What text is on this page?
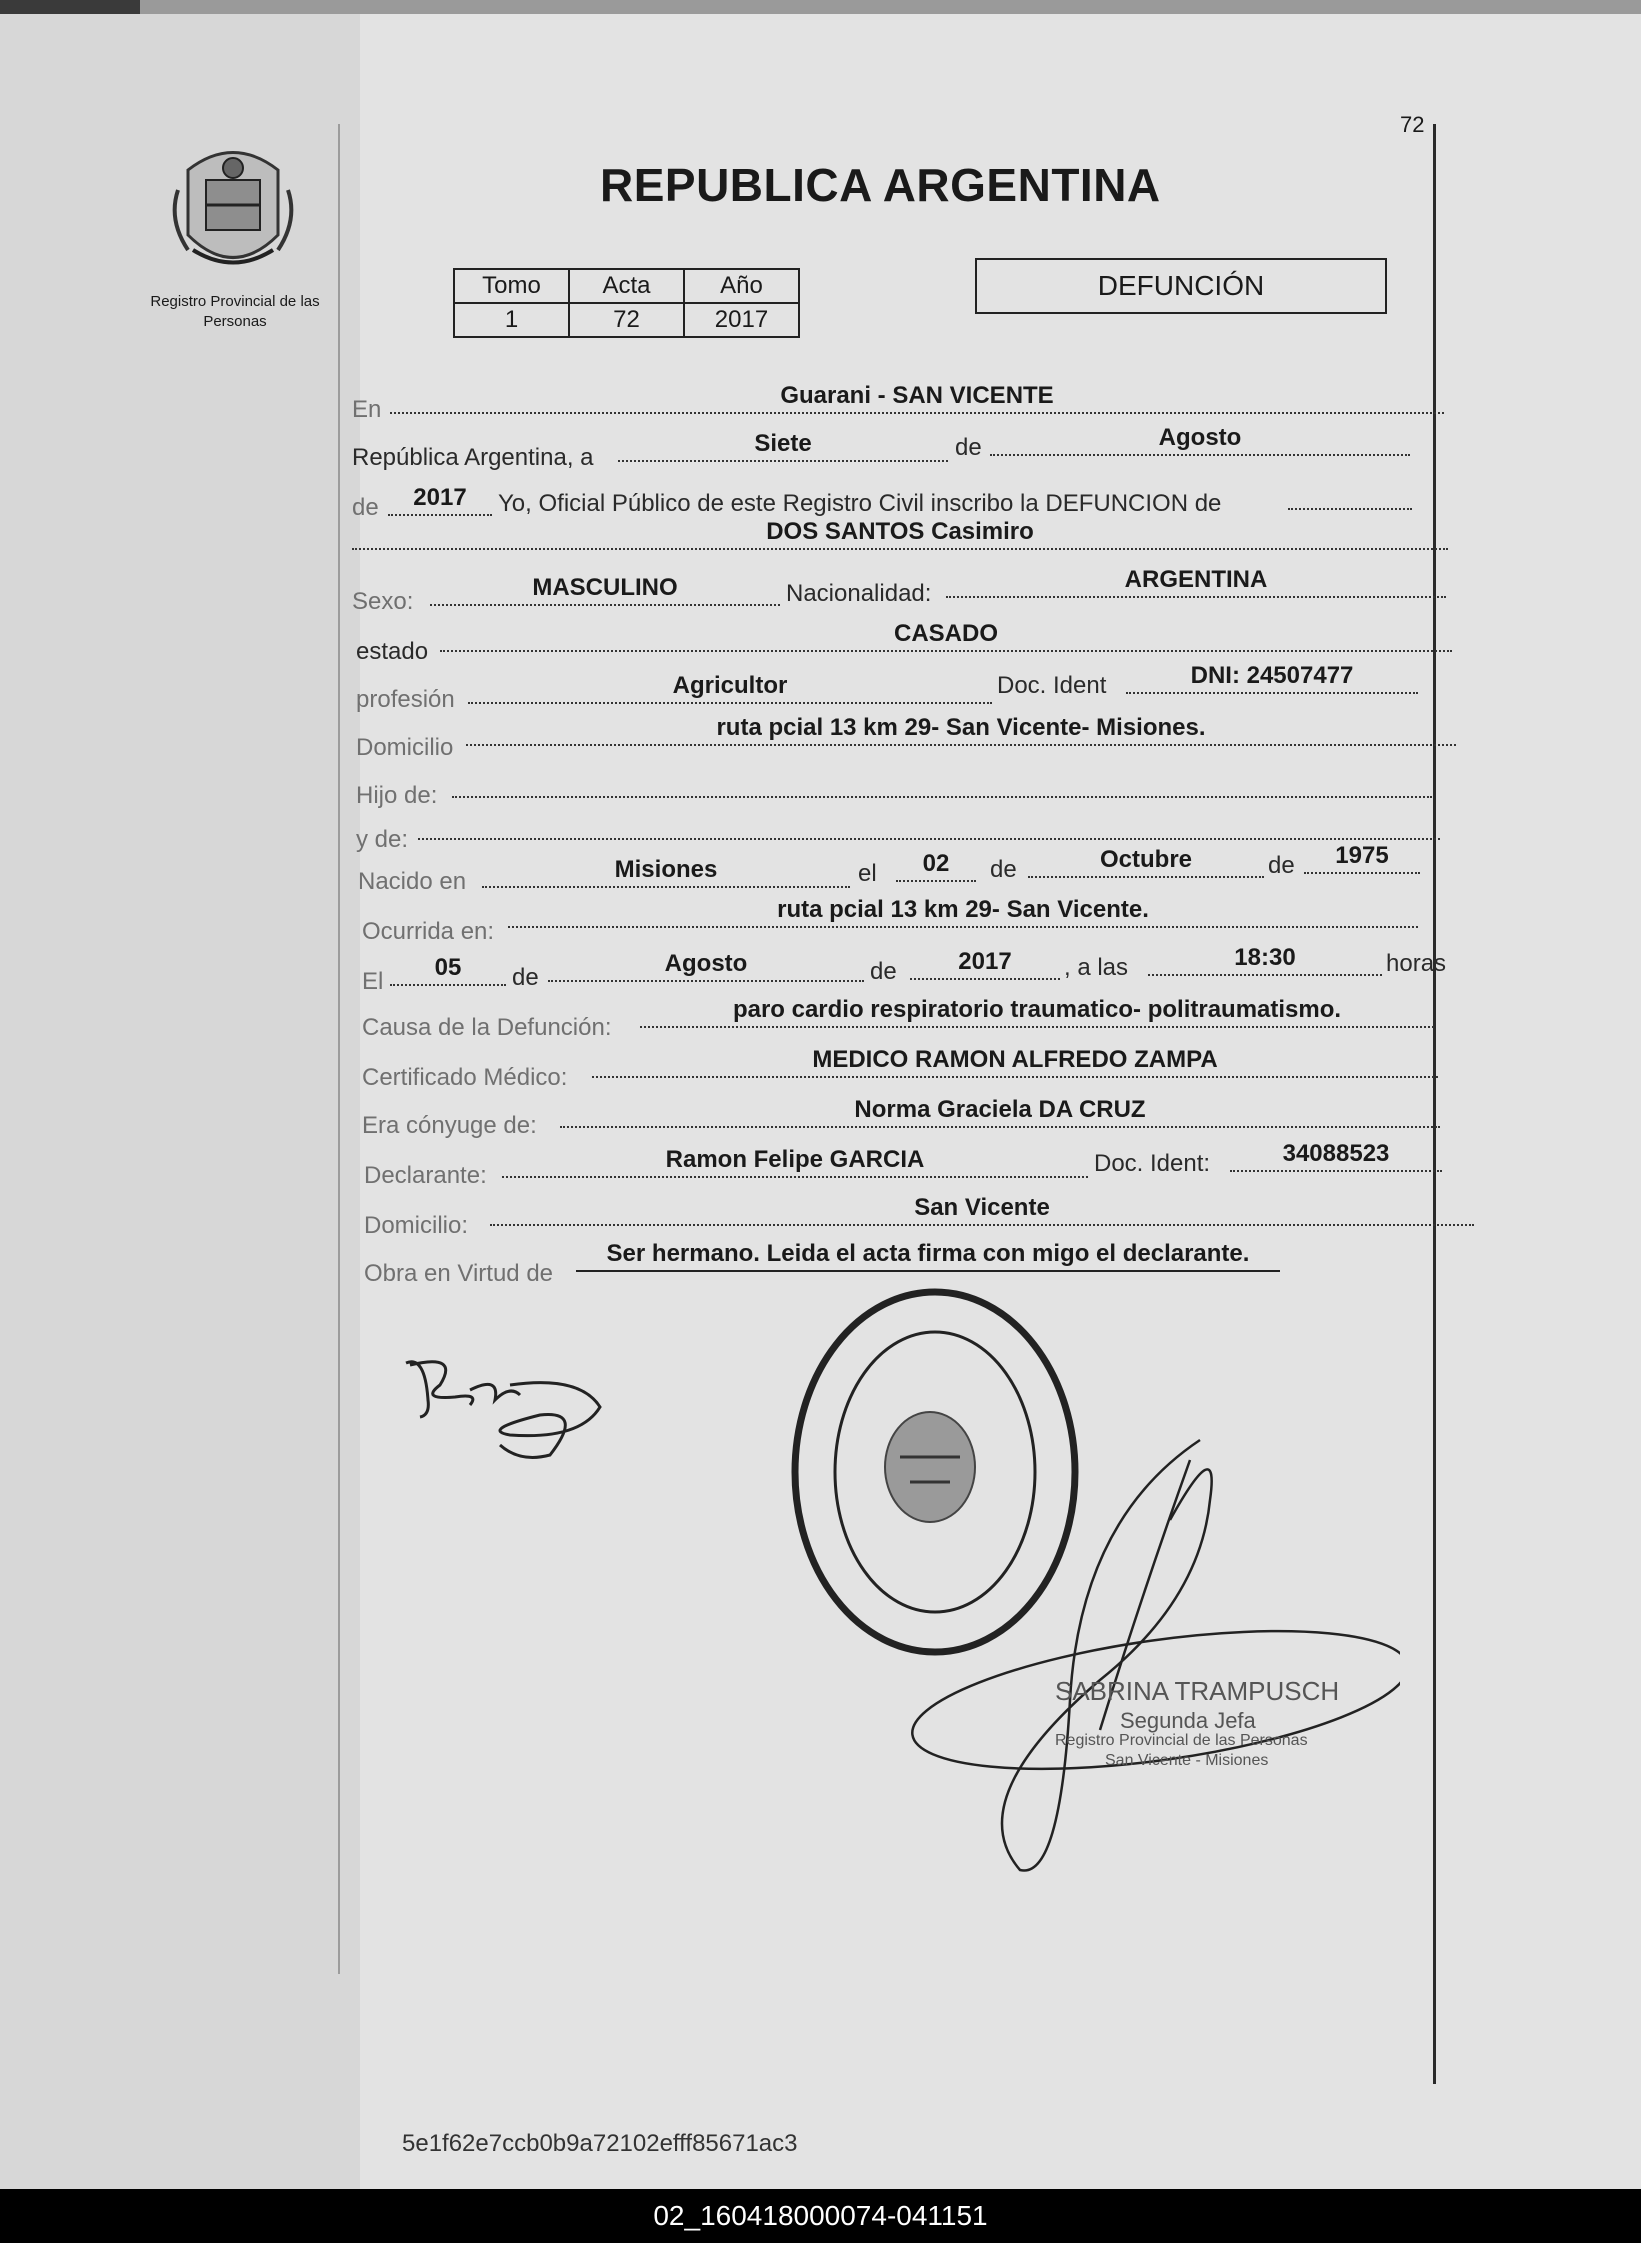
Registro Provincial de las Personas
72
REPUBLICA ARGENTINA
Tomo	Acta	Año
1	72	2017
DEFUNCIÓN
En
Guarani - SAN VICENTE
República Argentina, a
Siete	de	Agosto
de	2017	Yo, Oficial Público de este Registro Civil inscribo la DEFUNCION de
DOS SANTOS Casimiro
Sexo:
MASCULINO	Nacionalidad:
ARGENTINA
estado
CASADO
profesión
Agricultor	Doc. Ident	DNI: 24507477
Domicilio
ruta pcial 13 km 29- San Vicente- Misiones.
Hijo de:
y de:
Nacido en	Misiones	el	02	de	Octubre	de	1975
Ocurrida en:
ruta pcial 13 km 29- San Vicente.
El
05	de
Agosto	de	2017	, a las	18:30	horas
Causa de la Defunción:
paro cardio respiratorio traumatico- politraumatismo.
Certificado Médico:
MEDICO RAMON ALFREDO ZAMPA
Era cónyuge de:
Norma Graciela DA CRUZ
Declarante:
Ramon Felipe GARCIA	Doc. Ident:	34088523
Domicilio:
San Vicente
Obra en Virtud de
Ser hermano. Leida el acta firma con migo el declarante.
SABRINA TRAMPUSCH
Segunda Jefa
Registro Provincial de las Personas
San Vicente - Misiones
5e1f62e7ccb0b9a72102efff85671ac3
02_160418000074-041151
